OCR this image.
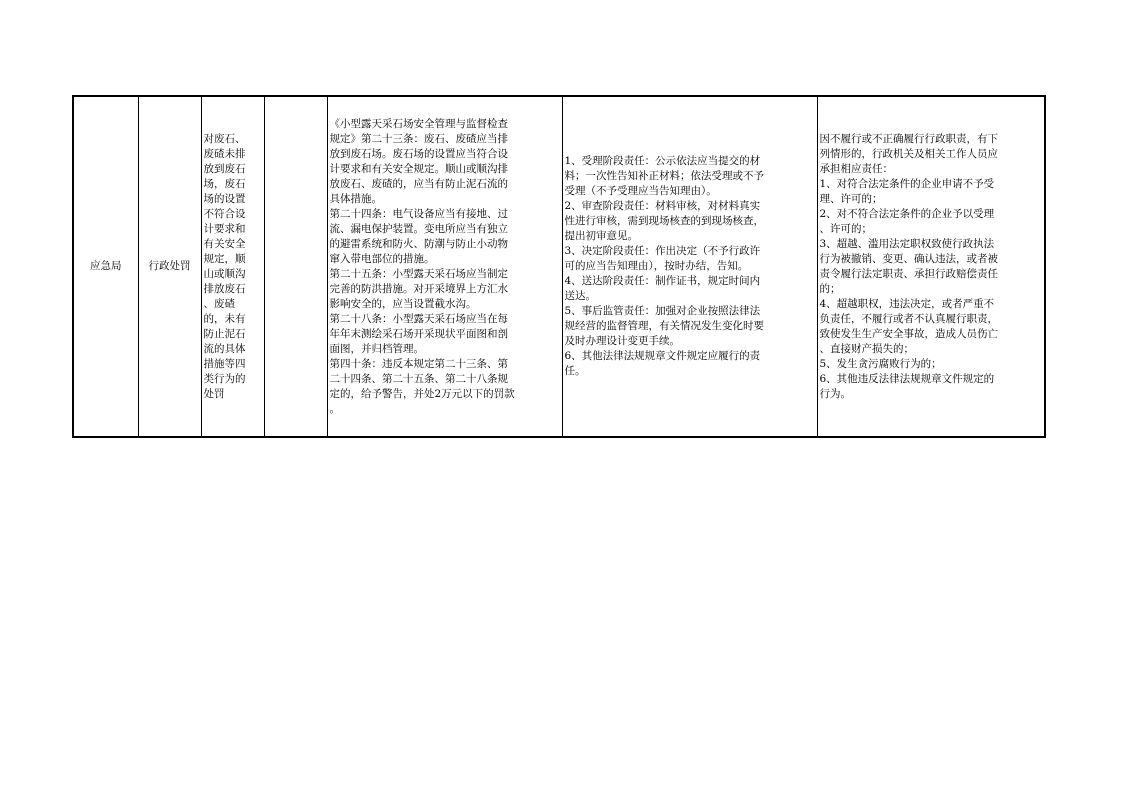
应急局	行政处罚	对废石、
废碴未排
放到废石
场，废石
场的设置
不符合设
计要求和
有关安全
规定，顺
山或顺沟
排放废石
、废碴
的，未有
防止泥石
流的具体
措施等四
类行为的
处罚		《小型露天采石场安全管理与监督检查
规定》第二十三条：废石、废碴应当排
放到废石场。废石场的设置应当符合设
计要求和有关安全规定。顺山或顺沟排
放废石、废碴的，应当有防止泥石流的
具体措施。
第二十四条：电气设备应当有接地、过
流、漏电保护装置。变电所应当有独立
的避雷系统和防火、防潮与防止小动物
窜入带电部位的措施。
第二十五条：小型露天采石场应当制定
完善的防洪措施。对开采境界上方汇水
影响安全的，应当设置截水沟。
第二十八条：小型露天采石场应当在每
年年末测绘采石场开采现状平面图和剖
面图，并归档管理。
第四十条：违反本规定第二十三条、第
二十四条、第二十五条、第二十八条规
定的，给予警告，并处2万元以下的罚款
。	1、受理阶段责任：公示依法应当提交的材
料；一次性告知补正材料；依法受理或不予
受理（不予受理应当告知理由）。
2、审查阶段责任：材料审核，对材料真实
性进行审核，需到现场核查的到现场核查，
提出初审意见。
3、决定阶段责任：作出决定（不予行政许
可的应当告知理由），按时办结，告知。
4、送达阶段责任：制作证书，规定时间内
送达。
5、事后监管责任：加强对企业按照法律法
规经营的监督管理，有关情况发生变化时要
及时办理设计变更手续。
6、其他法律法规规章文件规定应履行的责
任。	因不履行或不正确履行行政职责，有下
列情形的，行政机关及相关工作人员应
承担相应责任：
1、对符合法定条件的企业申请不予受
理、许可的；
2、对不符合法定条件的企业予以受理
、许可的；
3、超越、滥用法定职权致使行政执法
行为被撤销、变更、确认违法，或者被
责令履行法定职责、承担行政赔偿责任
的；
4、超越职权，违法决定，或者严重不
负责任，不履行或者不认真履行职责，
致使发生生产安全事故，造成人员伤亡
、直接财产损失的；
5、发生贪污腐败行为的；
6、其他违反法律法规规章文件规定的
行为。
